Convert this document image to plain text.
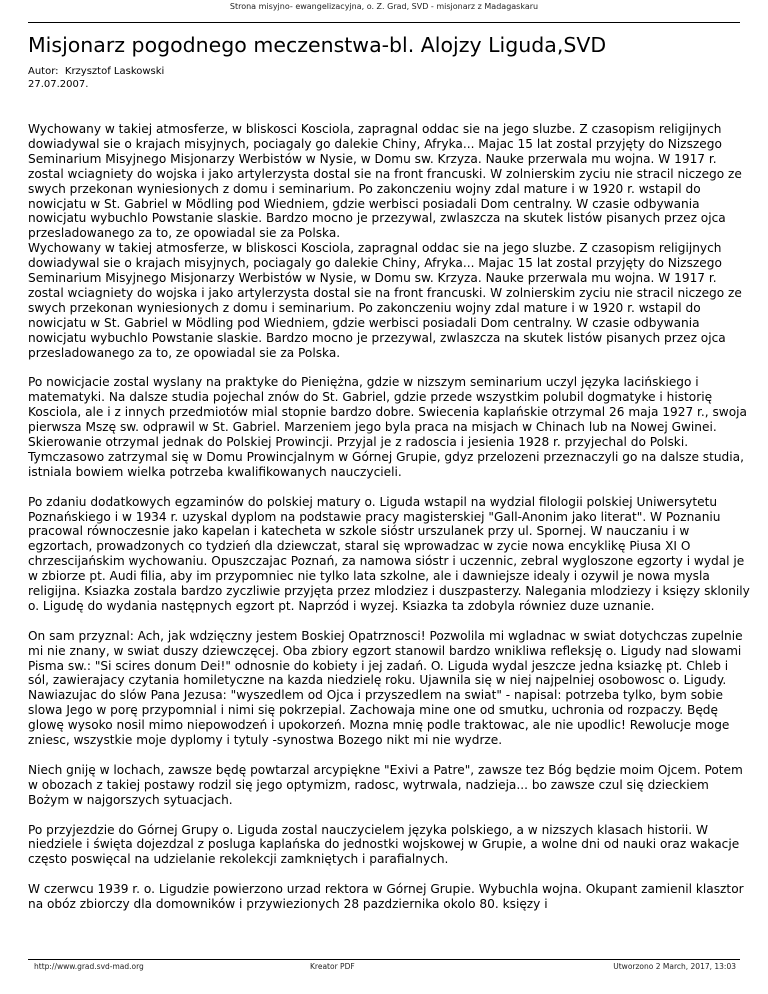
Strona misyjno- ewangelizacyjna, o. Z. Grad, SVD - misjonarz z Madagaskaru
Misjonarz pogodnego meczenstwa-bl. Alojzy Liguda,SVD
Autor:  Krzysztof Laskowski
27.07.2007.

Wychowany w takiej atmosferze, w bliskosci Kosciola, zapragnal oddac sie na jego sluzbe. Z czasopism religijnych dowiadywal sie o krajach misyjnych, pociagaly go dalekie Chiny, Afryka... Majac 15 lat zostal przyjęty do Nizszego Seminarium Misyjnego Misjonarzy Werbistów w Nysie, w Domu sw. Krzyza. Nauke przerwala mu wojna. W 1917 r. zostal wciagniety do wojska i jako artylerzysta dostal sie na front francuski. W zolnierskim zyciu nie stracil niczego ze swych przekonan wyniesionych z domu i seminarium. Po zakonczeniu wojny zdal mature i w 1920 r. wstapil do nowicjatu w St. Gabriel w Mödling pod Wiedniem, gdzie werbisci posiadali Dom centralny. W czasie odbywania nowicjatu wybuchlo Powstanie slaskie. Bardzo mocno je przezywal, zwlaszcza na skutek listów pisanych przez ojca przesladowanego za to, ze opowiadal sie za Polska.
Wychowany w takiej atmosferze, w bliskosci Kosciola, zapragnal oddac sie na jego sluzbe. Z czasopism religijnych dowiadywal sie o krajach misyjnych, pociagaly go dalekie Chiny, Afryka... Majac 15 lat zostal przyjęty do Nizszego Seminarium Misyjnego Misjonarzy Werbistów w Nysie, w Domu sw. Krzyza. Nauke przerwala mu wojna. W 1917 r. zostal wciagniety do wojska i jako artylerzysta dostal sie na front francuski. W zolnierskim zyciu nie stracil niczego ze swych przekonan wyniesionych z domu i seminarium. Po zakonczeniu wojny zdal mature i w 1920 r. wstapil do nowicjatu w St. Gabriel w Mödling pod Wiedniem, gdzie werbisci posiadali Dom centralny. W czasie odbywania nowicjatu wybuchlo Powstanie slaskie. Bardzo mocno je przezywal, zwlaszcza na skutek listów pisanych przez ojca przesladowanego za to, ze opowiadal sie za Polska.

Po nowicjacie zostal wyslany na praktyke do Pieniężna, gdzie w nizszym seminarium uczyl języka lacińskiego i matematyki. Na dalsze studia pojechal znów do St. Gabriel, gdzie przede wszystkim polubil dogmatyke i historię Kosciola, ale i z innych przedmiotów mial stopnie bardzo dobre. Swiecenia kaplańskie otrzymal 26 maja 1927 r., swoja pierwsza Mszę sw. odprawil w St. Gabriel. Marzeniem jego byla praca na misjach w Chinach lub na Nowej Gwinei. Skierowanie otrzymal jednak do Polskiej Prowincji. Przyjal je z radoscia i jesienia 1928 r. przyjechal do Polski. Tymczasowo zatrzymal się w Domu Prowincjalnym w Górnej Grupie, gdyz przelozeni przeznaczyli go na dalsze studia, istniala bowiem wielka potrzeba kwalifikowanych nauczycieli.

Po zdaniu dodatkowych egzaminów do polskiej matury o. Liguda wstapil na wydzial filologii polskiej Uniwersytetu Poznańskiego i w 1934 r. uzyskal dyplom na podstawie pracy magisterskiej "Gall-Anonim jako literat". W Poznaniu pracowal równoczesnie jako kapelan i katecheta w szkole sióstr urszulanek przy ul. Spornej. W nauczaniu i w egzortach, prowadzonych co tydzień dla dziewczat, staral się wprowadzac w zycie nowa encyklikę Piusa XI O chrzescijańskim wychowaniu. Opuszczajac Poznań, za namowa sióstr i uczennic, zebral wygloszone egzorty i wydal je w zbiorze pt. Audi filia, aby im przypomniec nie tylko lata szkolne, ale i dawniejsze idealy i ozywil je nowa mysla religijna. Ksiazka zostala bardzo zyczliwie przyjęta przez mlodziez i duszpasterzy. Nalegania mlodziezy i księzy sklonily o. Ligudę do wydania następnych egzort pt. Naprzód i wyzej. Ksiazka ta zdobyla równiez duze uznanie.

On sam przyznal: Ach, jak wdzięczny jestem Boskiej Opatrznosci! Pozwolila mi wgladnac w swiat dotychczas zupelnie mi nie znany, w swiat duszy dziewczęcej. Oba zbiory egzort stanowil bardzo wnikliwa refleksję o. Ligudy nad slowami Pisma sw.: "Si scires donum Dei!" odnosnie do kobiety i jej zadań. O. Liguda wydal jeszcze jedna ksiazkę pt. Chleb i sól, zawierajacy czytania homiletyczne na kazda niedzielę roku. Ujawnila się w niej najpelniej osobowosc o. Ligudy. Nawiazujac do slów Pana Jezusa: "wyszedlem od Ojca i przyszedlem na swiat" - napisal: potrzeba tylko, bym sobie slowa Jego w porę przypomnial i nimi się pokrzepial. Zachowaja mine one od smutku, uchronia od rozpaczy. Będę glowę wysoko nosil mimo niepowodzeń i upokorzeń. Mozna mnię podle traktowac, ale nie upodlic! Rewolucje moge zniesc, wszystkie moje dyplomy i tytuly -synostwa Bozego nikt mi nie wydrze.

Niech gniję w lochach, zawsze będę powtarzal arcypiękne "Exivi a Patre", zawsze tez Bóg będzie moim Ojcem. Potem w obozach z takiej postawy rodzil się jego optymizm, radosc, wytrwala, nadzieja... bo zawsze czul się dzieckiem Bożym w najgorszych sytuacjach.

Po przyjezdzie do Górnej Grupy o. Liguda zostal nauczycielem języka polskiego, a w nizszych klasach historii. W niedziele i święta dojezdzal z posluga kaplańska do jednostki wojskowej w Grupie, a wolne dni od nauki oraz wakacje często poswięcal na udzielanie rekolekcji zamkniętych i parafialnych.

W czerwcu 1939 r. o. Ligudzie powierzono urzad rektora w Górnej Grupie. Wybuchla wojna. Okupant zamienil klasztor na obóz zbiorczy dla domowników i przywiezionych 28 pazdziernika okolo 80. księzy i

http://www.grad.svd-mad.org	Kreator PDF	Utworzono 2 March, 2017, 13:03
